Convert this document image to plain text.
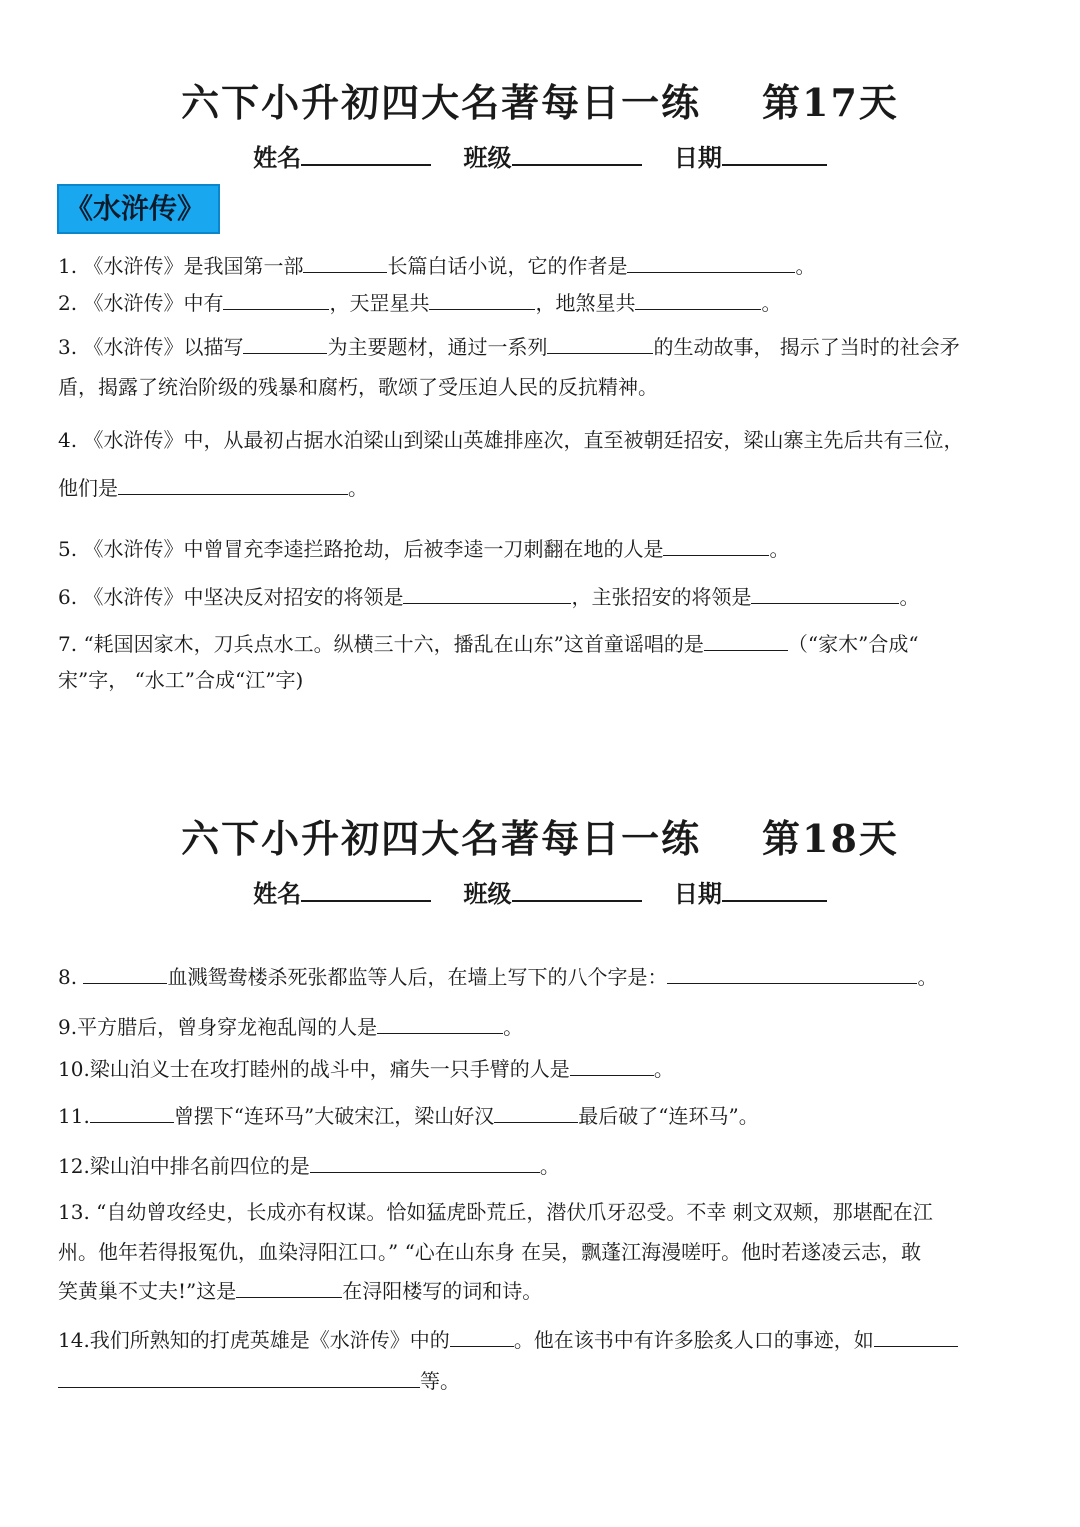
六下小升初四大名著每日一练    第17天
姓名	班级	日期
《水浒传》
1. 《水浒传》是我国第一部	长篇白话小说，它的作者是	。
2. 《水浒传》中有	，天罡星共	，地煞星共	。
3. 《水浒传》以描写	为主要题材，通过一系列	的生动故事， 揭示了当时的社会矛
盾，揭露了统治阶级的残暴和腐朽，歌颂了受压迫人民的反抗精神。
4. 《水浒传》中，从最初占据水泊梁山到梁山英雄排座次，直至被朝廷招安，梁山寨主先后共有三位，
他们是	。
5. 《水浒传》中曾冒充李逵拦路抢劫，后被李逵一刀刺翻在地的人是	。
6. 《水浒传》中坚决反对招安的将领是	，主张招安的将领是	。
7. “耗国因家木，刀兵点水工。纵横三十六，播乱在山东”这首童谣唱的是	（“家木”合成“
宋”字， “水工”合成“江”字)
六下小升初四大名著每日一练    第18天
姓名	班级	日期
8.	血溅鸳鸯楼杀死张都监等人后，在墙上写下的八个字是：	。
9.平方腊后，曾身穿龙袍乱闯的人是	。
10.梁山泊义士在攻打睦州的战斗中，痛失一只手臂的人是	。
11.	曾摆下“连环马”大破宋江，梁山好汉	最后破了“连环马”。
12.梁山泊中排名前四位的是	。
13. “自幼曾攻经史，长成亦有权谋。恰如猛虎卧荒丘，潜伏爪牙忍受。不幸 刺文双颊，那堪配在江
州。他年若得报冤仇，血染浔阳江口。” “心在山东身 在吴，飘蓬江海漫嗟吁。他时若遂凌云志，敢
笑黄巢不丈夫!”这是	在浔阳楼写的词和诗。
14.我们所熟知的打虎英雄是《水浒传》中的	。他在该书中有许多脍炙人口的事迹，如
等。
